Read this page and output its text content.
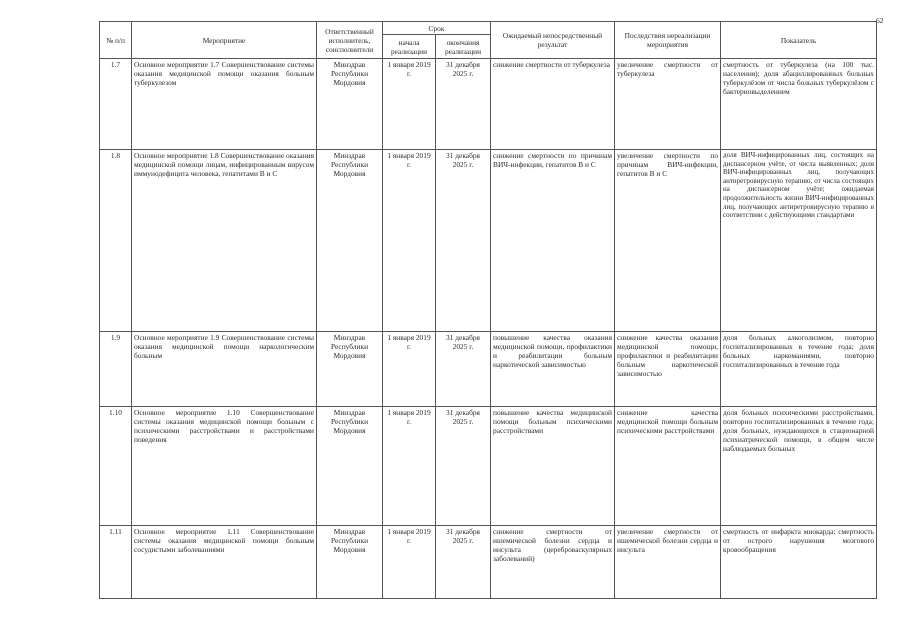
62
№ п/п	Мероприятие	Ответственный исполнитель, соисполнители	Срок		Ожидаемый непосредственный результат	Последствия нереализации мероприятия	Показатель
			начала реализации	окончания реализации			
1.7	Основное мероприятие 1.7 Совершенствование системы оказания медицинской помощи оказания больным туберкулезом	Минздрав Республики Мордовия	1 января 2019 г.	31 декабря 2025 г.	снижение смертности от туберкулеза	увеличение смертности от туберкулеза	смертность от туберкулеза (на 100 тыс. населения); доля абациллированных больных туберкулёзом от числа больных туберкулёзом с бактериовыделением
1.8	Основное мероприятие 1.8 Совершенствование оказания медицинской помощи лицам, инфицированным вирусом иммунодефицита человека, гепатитами В и С	Минздрав Республики Мордовия	1 января 2019 г.	31 декабря 2025 г.	снижение смертности по причинам ВИЧ-инфекции, гепатитов В и С	увеличение смертности по причинам ВИЧ-инфекции, гепатитов В и С	доля ВИЧ-инфицированных лиц, состоящих на диспансерном учёте, от числа выявленных; доля ВИЧ-инфицированных лиц, получающих антиретровирусную терапию, от числа состоящих на диспансерном учёте; ожидаемая продолжительность жизни ВИЧ-инфицированных лиц, получающих антиретровирусную терапию в соответствии с действующими стандартами
1.9	Основное мероприятие 1.9 Совершенствование системы оказания медицинской помощи наркологическим больным	Минздрав Республики Мордовия	1 января 2019 г.	31 декабря 2025 г.	повышение качества оказания медицинской помощи, профилактики и реабилитации больным наркотической зависимостью	снижение качества оказания медицинской помощи, профилактики и реабилитации больным наркотической зависимостью	доля больных алкоголизмом, повторно госпитализированных в течение года; доля больных наркоманиями, повторно госпитализированных в течение года
1.10	Основное мероприятие 1.10 Совершенствование системы оказания медицинской помощи больным с психическими расстройствами и расстройствами поведения	Минздрав Республики Мордовия	1 января 2019 г.	31 декабря 2025 г.	повышение качества медицинской помощи больным психическими расстройствами	снижение качества медицинской помощи больным психическими расстройствами	доля больных психическими расстройствами, повторно госпитализированных в течение года; доля больных, нуждающихся в стационарной психиатрической помощи, в общем числе наблюдаемых больных
1.11	Основное мероприятие 1.11 Совершенствование системы оказания медицинской помощи больным сосудистыми заболеваниями	Минздрав Республики Мордовия	1 января 2019 г.	31 декабря 2025 г.	снижение смертности от ишемической болезни сердца и инсульта (цереброваскулярных заболеваний)	увеличение смертности от ишемической болезни сердца и инсульта	смертность от инфаркта миокарда; смертность от острого нарушения мозгового кровообращения
